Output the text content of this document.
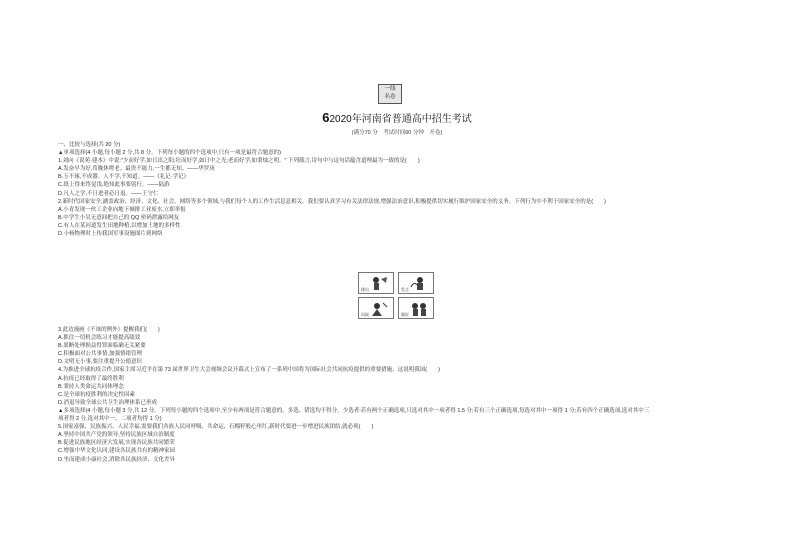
一线
名卷
62020年河南省普通高中招生考试
(满分70 分　考试时间60 分钟　开卷)
一、比较与选择(共 20 分)
▲单项选择(4 小题,每小题 2 分,共 8 分。下列每小题的四个选项中,只有一项是最符合题意的)
1.刘向《说苑·建本》中说:"少而好学,如日出之阳;壮而好学,如日中之光;老而好学,如秉烛之明。" 下列箴言,诗句中与这句话蕴含道理最为一致的是(　　)
A.发奋早为好,苟晚休嗟老。最贵不能力,一生都无知。——华罗庚
B.玉不琢,不成器。人不学,不知道。——《礼记·学记》
C.纸上得来终觉浅,绝知此事要躬行。——陆游
D.凡人之学,不日进者必日退。——王守仁
2.新时代国家安全,涵盖政治、经济、文化、社会、网络等多个领域,与我们每个人的工作生活息息相关。我们要认真学习有关法律法规,增强法治意识,积极提供切实履行维护国家安全的义务。下列行为中不利于国家安全的是(　　)
A.小青发现一伙工企业向地下倾排工业废水,立即举报
B.中学生小吴无意间把自己的 QQ 密码泄露给网友
C.有人在某河道发生田地种植,以增加土地的多样性
D.小杨物理时上传我国军事设施图片到网络
排出	发言
问候	做好
3.此边漫画《不该的例外》提醒我们(　　)
A.抓住一切机会练习才能提高绩效
B.果断处理损益得罪面临确无关紧要
C.积极面对公共事情,加强情绪管理
D.文明无小事,要注重提升公德意识
4.为推进全球抗疫合作,国家主席习近平在第 73 届世界卫生大会视频会议开幕式上宣布了一系列中国将为国际社会共同抗疫提供的重要措施。这说明我国(　　)
A.抗疫已经取得了最终胜利
B.秉持人类命运共同体理念
C.是全球抗疫胜利的决定性因素
D.消退导致全球公共卫生治理体系已形成
▲多项选择(4 小题,每小题 3 分,共 12 分。下列每小题的四个选项中,至少有两项是符合题意的。多选、错选均不得分。少选者:若有两个正确选项,只选对其中一项者得 1.5 分;若有三个正确选项,每选对其中一项得 1 分;若有四个正确选项,选对其中三
项者得 2 分,选对其中一、二项者均得 1 分)
5.国家富强、民族振兴、人民幸福,需要我们各族人民同呼吸、共命运、石榴籽般心里红,新时代要进一步增进民族团结,就必须(　　)
A.坚持中国共产党的领导,坚持民族区域自治制度
B.促进民族地区经济大发展,实现各民族共同繁荣
C.增强中华文化认同,建设各民族共有的精神家园
D.坐而建成小康社会,消除各民族经济、文化差异
